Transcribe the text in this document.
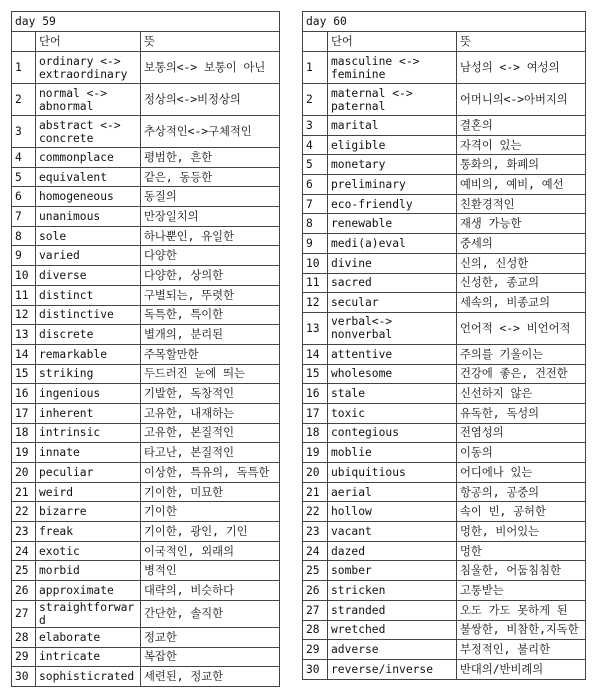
day 59		
	단어	뜻
1	ordinary <-> extraordinary	보통의<-> 보통이 아닌
2	normal <-> abnormal	정상의<->비정상의
3	abstract <-> concrete	추상적인<->구체적인
4	commonplace	평범한, 흔한
5	equivalent	같은, 동등한
6	homogeneous	동질의
7	unanimous	만장일치의
8	sole	하나뿐인, 유일한
9	varied	다양한
10	diverse	다양한, 상의한
11	distinct	구별되는, 뚜렷한
12	distinctive	독특한, 특이한
13	discrete	별개의, 분리된
14	remarkable	주목할만한
15	striking	두드러진 눈에 띄는
16	ingenious	기발한, 독창적인
17	inherent	고유한, 내재하는
18	intrinsic	고유한, 본질적인
19	innate	타고난, 본질적인
20	peculiar	이상한, 특유의, 독특한
21	weird	기이한, 미묘한
22	bizarre	기이한
23	freak	기이한, 광인, 기인
24	exotic	이국적인, 외래의
25	morbid	병적인
26	approximate	대략의, 비슷하다
27	straightforward	간단한, 솔직한
28	elaborate	정교한
29	intricate	복잡한
30	sophisticrated	세련된, 정교한
day 60		
	단어	뜻
1	masculine <-> feminine	남성의 <-> 여성의
2	maternal <-> paternal	어머니의<->아버지의
3	marital	결혼의
4	eligible	자격이 있는
5	monetary	통화의, 화폐의
6	preliminary	예비의, 예비, 예선
7	eco-friendly	친환경적인
8	renewable	재생 가능한
9	medi(a)eval	중세의
10	divine	신의, 신성한
11	sacred	신성한, 종교의
12	secular	세속의, 비종교의
13	verbal<-> nonverbal	언어적 <-> 비언어적
14	attentive	주의를 기울이는
15	wholesome	건강에 좋은, 건전한
16	stale	신선하지 않은
17	toxic	유독한, 독성의
18	contegious	전염성의
19	moblie	이동의
20	ubiquitious	어디에나 있는
21	aerial	항공의, 공중의
22	hollow	속이 빈, 공허한
23	vacant	멍한, 비어있는
24	dazed	멍한
25	somber	침울한, 어둠침침한
26	stricken	고통받는
27	stranded	오도 가도 못하게 된
28	wretched	불쌍한, 비참한,지독한
29	adverse	부정적인, 불리한
30	reverse/inverse	반대의/반비례의
